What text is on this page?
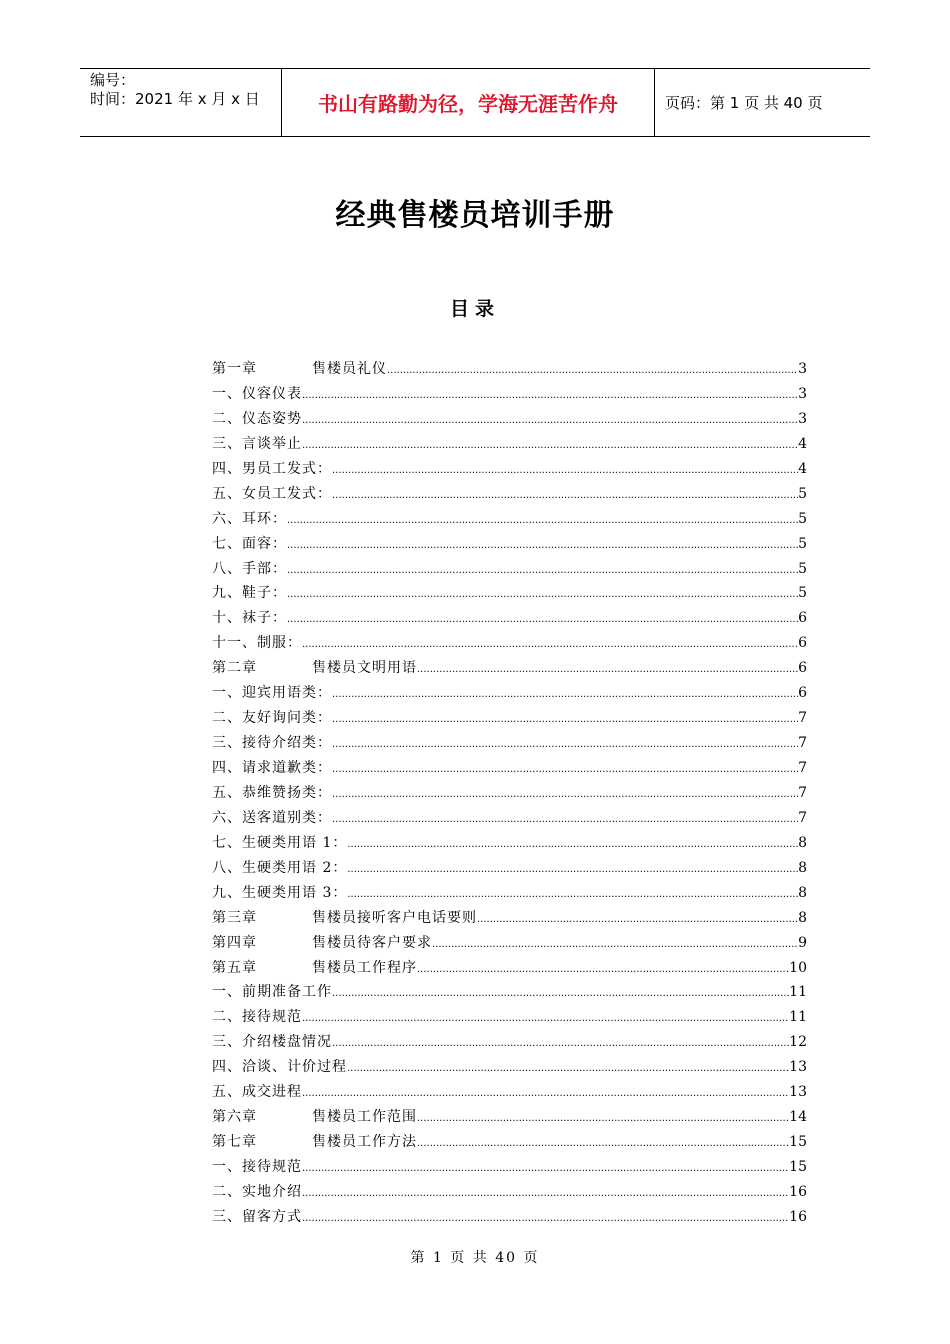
编号：
时间：2021 年 x 月 x 日	书山有路勤为径，学海无涯苦作舟	页码：第 1 页 共 40 页
经典售楼员培训手册
目录
第一章	售楼员礼仪 .....	3
一、仪容仪表 .....	3
二、仪态姿势 .....	3
三、言谈举止 .....	4
四、男员工发式： .....	4
五、女员工发式： .....	5
六、耳环： .....	5
七、面容： .....	5
八、手部： .....	5
九、鞋子： .....	5
十、袜子： .....	6
十一、制服： .....	6
第二章	售楼员文明用语 .....	6
一、迎宾用语类： .....	6
二、友好询问类： .....	7
三、接待介绍类： .....	7
四、请求道歉类： .....	7
五、恭维赞扬类： .....	7
六、送客道别类： .....	7
七、生硬类用语 1： .....	8
八、生硬类用语 2： .....	8
九、生硬类用语 3： .....	8
第三章	售楼员接听客户电话要则 .....	8
第四章	售楼员待客户要求 .....	9
第五章	售楼员工作程序 .....	10
一、前期准备工作 .....	11
二、接待规范 .....	11
三、介绍楼盘情况 .....	12
四、洽谈、计价过程 .....	13
五、成交进程 .....	13
第六章	售楼员工作范围 .....	14
第七章	售楼员工作方法 .....	15
一、接待规范 .....	15
二、实地介绍 .....	16
三、留客方式 .....	16
第 1 页 共 40 页
